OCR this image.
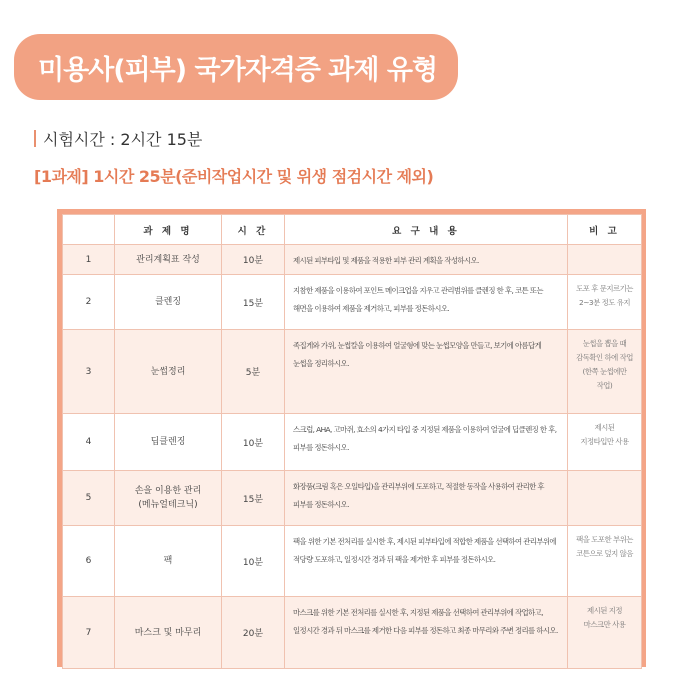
미용사(피부) 국가자격증 과제 유형
시험시간 : 2시간 15분
[1과제] 1시간 25분(준비작업시간 및 위생 점검시간 제외)
	과 제 명	시 간	요 구 내 용	비 고
1	관리계획표 작성	10분	제시된 피부타입 및 제품을 적용한 피부 관리 계획을 작성하시오.	
2	클렌징	15분	지참한 제품을 이용하여 포인트 메이크업을 지우고 관리범위를 클렌징 한 후, 코튼 또는 해면을 이용하여 제품을 제거하고, 피부를 정돈하시오.	도포 후 문지르기는
2~3분 정도 유지

3	눈썹정리	5분	족집게와 가위, 눈썹칼을 이용하여 얼굴형에 맞는 눈썹모양을 만들고, 보기에 아름답게 눈썹을 정리하시오.	눈썹을 뽑을 때
감독확인 하에 작업
(한쪽 눈썹에만
작업)

4	딥클렌징	10분	스크럽, AHA, 고마쥐, 효소의 4가지 타입 중 지정된 제품을 이용하여 얼굴에 딥클렌징 한 후, 피부를 정돈하시오.	제시된
지정타입만 사용

5	손을 이용한 관리
(메뉴얼테크닉)	15분	화장품(크림 혹은 오일타입)을 관리부위에 도포하고, 적절한 동작을 사용하여 관리한 후 피부를 정돈하시오.	
6	팩	10분	팩을 위한 기본 전처리를 실시한 후, 제시된 피부타입에 적합한 제품을 선택하여 관리부위에 적당량 도포하고, 일정시간 경과 뒤 팩을 제거한 후 피부를 정돈하시오.	팩을 도포한 부위는
코튼으로 덮지 않음

7	마스크 및 마무리	20분	마스크를 위한 기본 전처리를 실시한 후, 지정된 제품을 선택하여 관리부위에 작업하고, 일정시간 경과 뒤 마스크를 제거한 다음 피부를 정돈하고 최종 마무리와 주변 정리를 하시오.	제시된 지정
마스크만 사용
